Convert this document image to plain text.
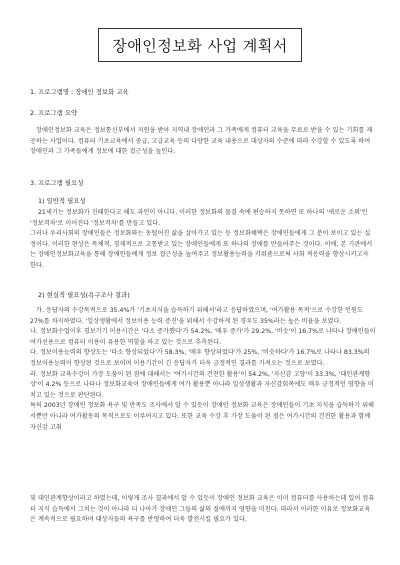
장애인정보화 사업 계획서
1. 프로그램명 : 장애인 정보화 교육
2. 프로그램 요약
장애인정보화 교육은 정보통신부에서 지원을 받아 지역내 장애인과 그 가족에게 컴퓨터 교육을 무료로 받을 수 있는 기회를 제공하는 사업이다. 컴퓨터 기초교육에서 중급, 고급교육 등의 다양한 교육 내용으로 대상자의 수준에 따라 수강할 수 있도록 하여 장애인과 그 가족들에게 정보에 대한 접근성을 높인다.
3. 프로그램 필요성
1) 일반적 필요성
21세기는 정보화가 진때한다고 해도 과언이 아니다. 이러한 정보화의 물결 속에 편승하지 못하면 또 하나의 '새로운 소외'인 '정보격차'로 이어진다 '정보격차'를 만들고 있다.
그러나 우리사회의 장애인들은 정보화와는 동떨어진 삶을 살아가고 있는 등 정보화혜택은 장애인들에게 그 분이 보이고 있는 실정이다. 이러한 현상은 목체적, 경제적으로 고통받고 있는 장애인들에게 또 하나의 장애를 만들어주는 것이다. 이에, 본 기관에서는 장애인정보화교육을 통해 장애인들에게 정보 접근성을 높여주고 정보활용능력을 키워줌으로써 사회 적응력을 향상시키고자 한다.
2) 현실적 필요성(욕구조사 결과)
가. 응답자의 수강목적으로 35.4%가 '기초지식을 습득하기 위해서'라고 응답하였으며, '여가활용 목적'으로 수강한 인원도 27%를 차지하였다. '일상생활에서 정보이용 능력 증진'을 위해서 수강하게 된 경우도 35%라는 높은 비율을 보였다.
나. 정보화수업이후 경보기기 이용시간은 '다소 증가했다'가 54.2%, '매우 증가'가 29.2%, '비슷'이 16.7%로 나타나 장애인들이 여가선용으로 컴퓨터 이용이 유용한 역할을 하고 있는 것으로 추측된다.
다. 정보이용능력의 향상도는 '다소 향상되었다'가 58.3%, '매우 향상되었다'가 25%, '비슷하다'가 16.7%로 나타나 83.3%의 정보이용능력이 향상된 것으로 보이며 이용기간이 긴 응답자가 더욱 긍정적인 결과를 가져오는 것으로 보였다.
라. 정보화 교육수강이 가장 도움이 된 점에 대해서는 '여가시간의 건전한 활용'이 54.2%, '자신감 고양'이 33.3%, '대인관계향상'이 4.2% 등으로 나타나 정보화교육이 장애인들에게 여가 활용뿐 아니라 일상생활과 자신감회복에도 매우 긍정적인 영향을 미치고 있는 것으로 판단된다.
특히 2003년 장애인 정보화 욕구 및 만족도 조사에서 알 수 있듯이 장애인 정보화 교육은 장애인들이 기초 지식을 습득하기 위해서뿐만 아니라 여가활동의 목적으로도 이루어지고 있다. 또한 교육 수강 후 가장 도움이 된 점은 여가시간의 건전한 활용과 함께 자신감 고취
및 대인관계향상이라고 하였는데, 이렇게 조사 결과에서 알 수 있듯이 장애인 정보화 교육은 이미 컴퓨터를 사용하는데 있어 컴퓨터 지식 습득에서 그치는 것이 아니라 더 나아가 장애인 그들의 삶의 질에까지 영향을 미친다. 따라서 이러한 이유로 정보화교육은 계속적으로 필요하며 대상자들의 욕구를 반영하여 더욱 발전시킬 필요가 있다.
